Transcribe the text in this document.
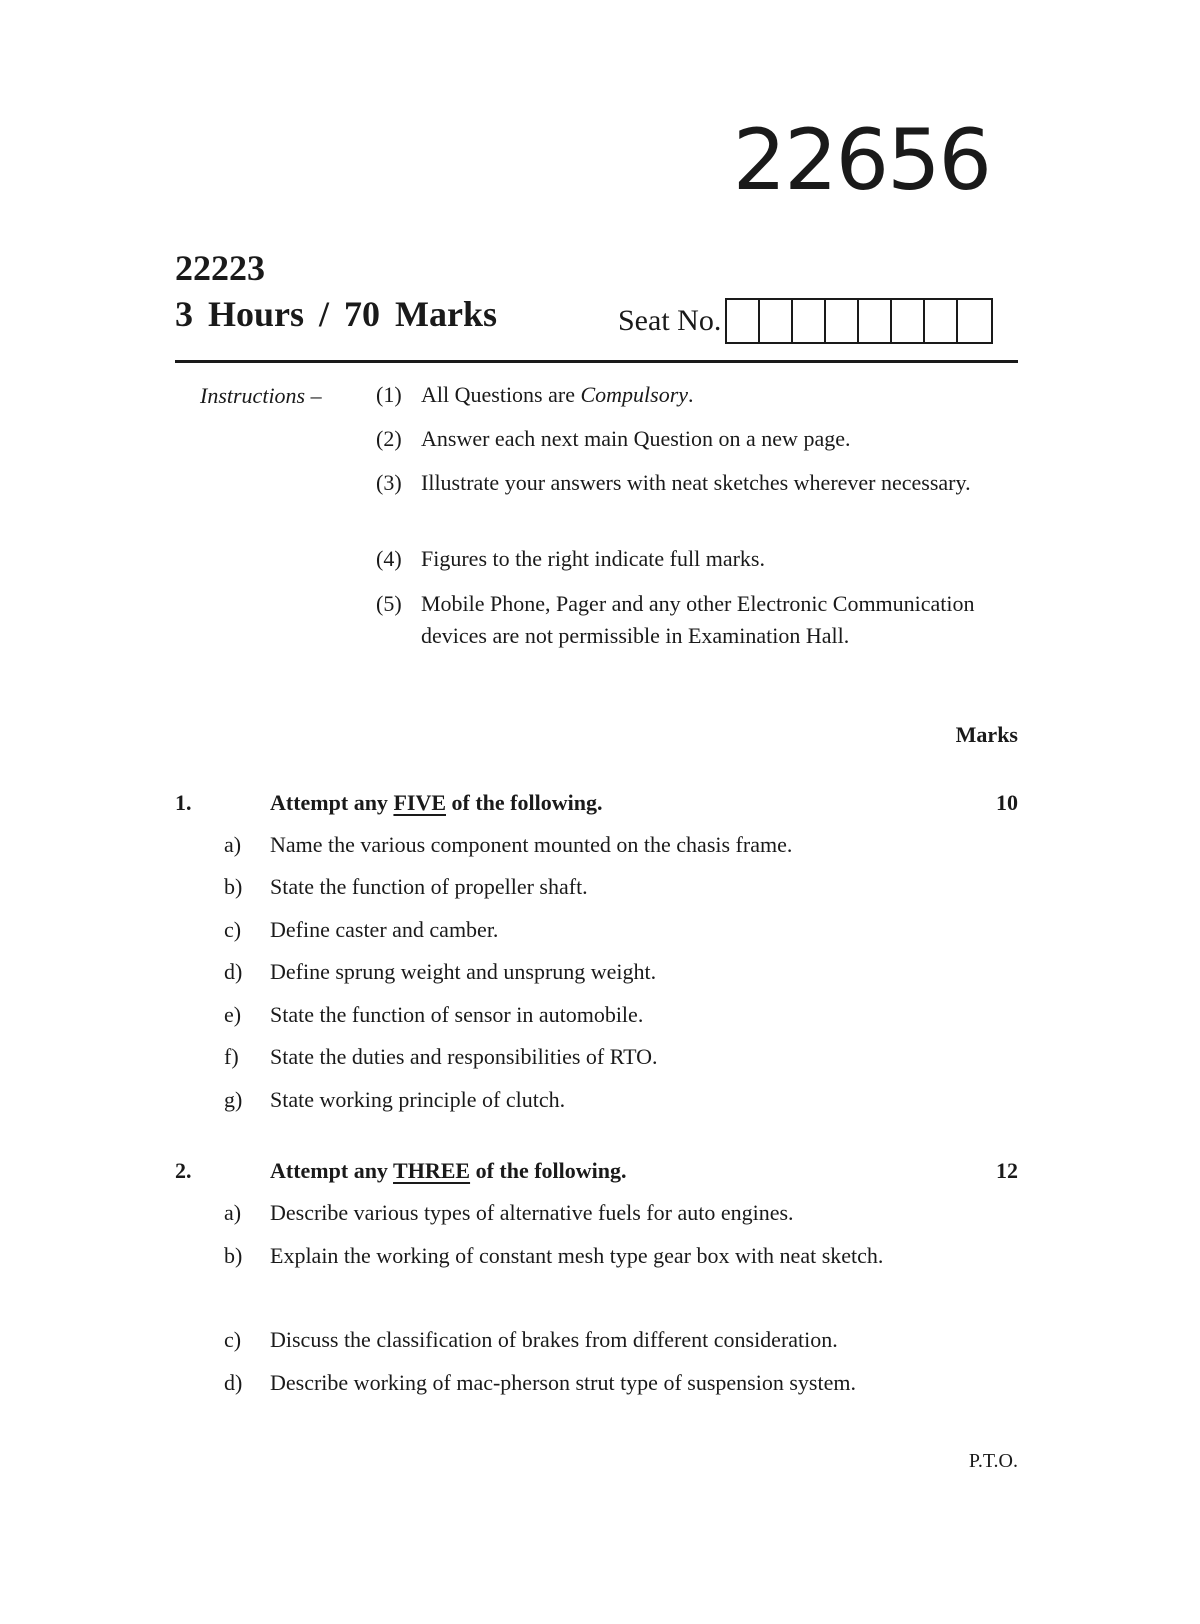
22656
22223
3 Hours / 70 Marks	Seat No.
Instructions – (1) All Questions are Compulsory.
(2) Answer each next main Question on a new page.
(3) Illustrate your answers with neat sketches wherever necessary.
(4) Figures to the right indicate full marks.
(5) Mobile Phone, Pager and any other Electronic Communication devices are not permissible in Examination Hall.
Marks
1.	Attempt any FIVE of the following.	10
a)	Name the various component mounted on the chasis frame.
b)	State the function of propeller shaft.
c)	Define caster and camber.
d)	Define sprung weight and unsprung weight.
e)	State the function of sensor in automobile.
f)	State the duties and responsibilities of RTO.
g)	State working principle of clutch.
2.	Attempt any THREE of the following.	12
a)	Describe various types of alternative fuels for auto engines.
b)	Explain the working of constant mesh type gear box with neat sketch.
c)	Discuss the classification of brakes from different consideration.
d)	Describe working of mac-pherson strut type of suspension system.
P.T.O.
